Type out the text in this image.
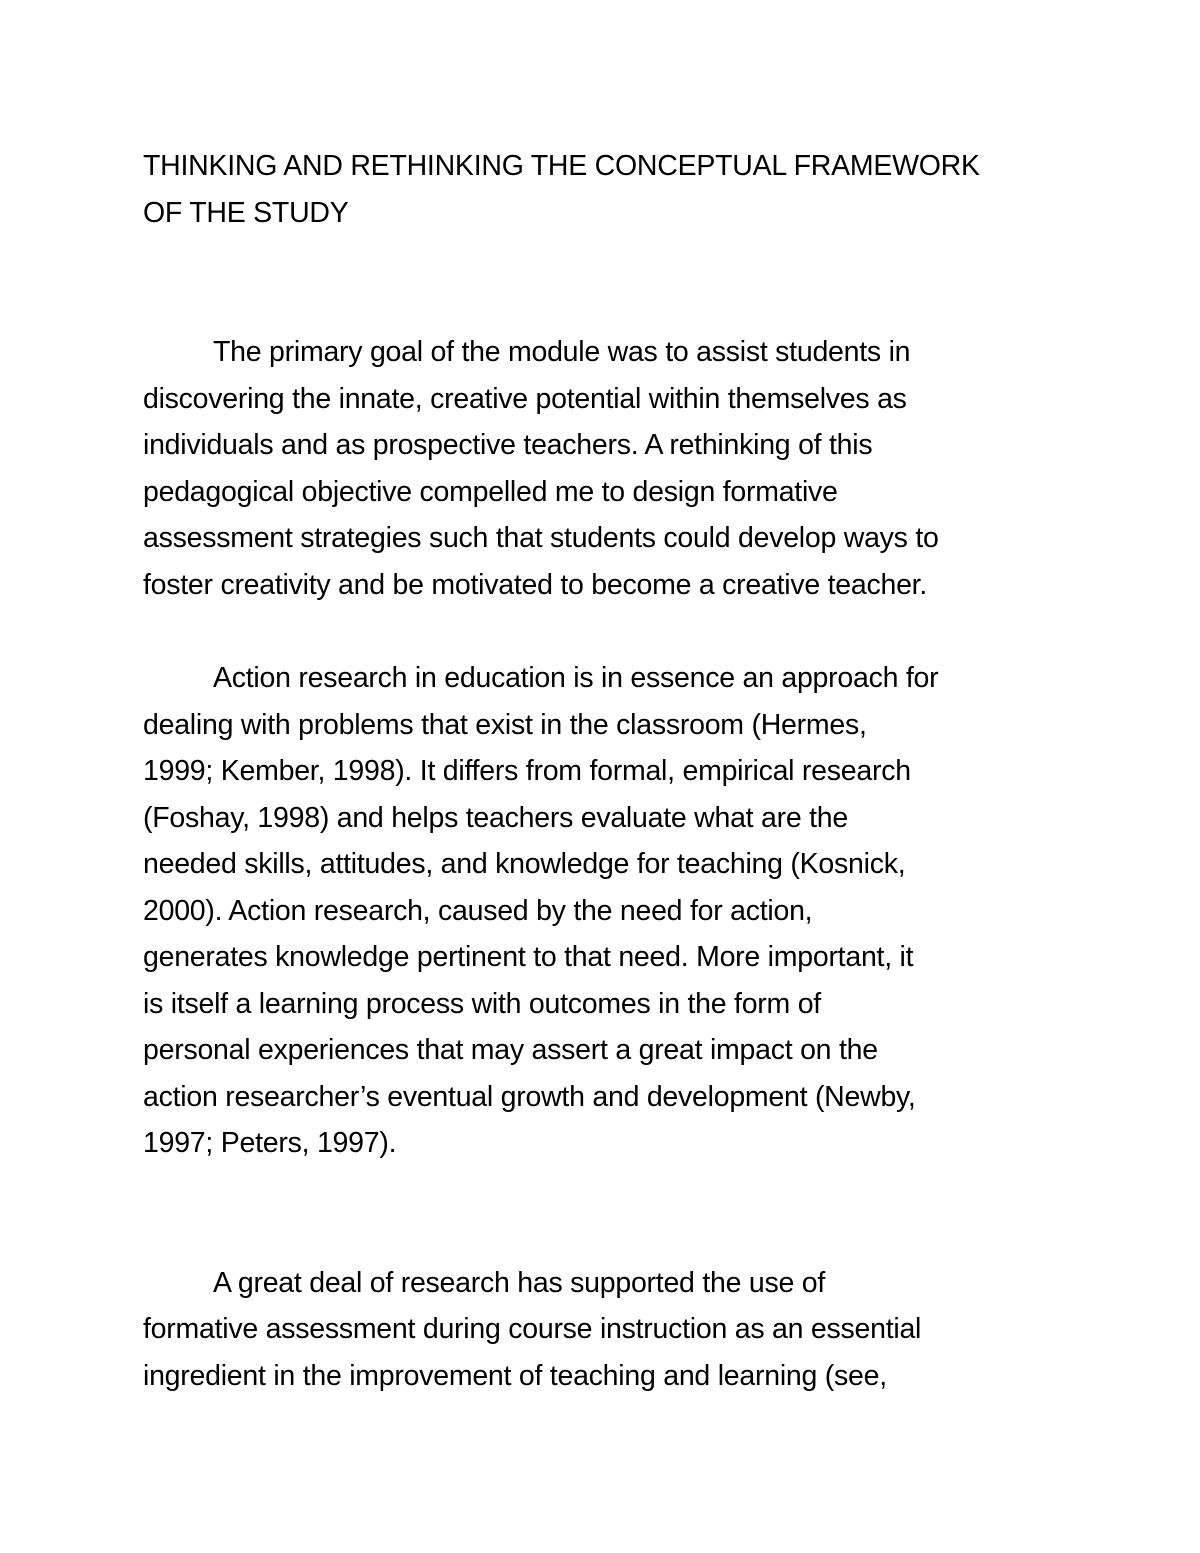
THINKING AND RETHINKING THE CONCEPTUAL FRAMEWORK
OF THE STUDY

The primary goal of the module was to assist students in
discovering the innate, creative potential within themselves as
individuals and as prospective teachers. A rethinking of this
pedagogical objective compelled me to design formative
assessment strategies such that students could develop ways to
foster creativity and be motivated to become a creative teacher.

Action research in education is in essence an approach for
dealing with problems that exist in the classroom (Hermes,
1999; Kember, 1998). It differs from formal, empirical research
(Foshay, 1998) and helps teachers evaluate what are the
needed skills, attitudes, and knowledge for teaching (Kosnick,
2000). Action research, caused by the need for action,
generates knowledge pertinent to that need. More important, it
is itself a learning process with outcomes in the form of
personal experiences that may assert a great impact on the
action researcher’s eventual growth and development (Newby,
1997; Peters, 1997).

A great deal of research has supported the use of
formative assessment during course instruction as an essential
ingredient in the improvement of teaching and learning (see,
